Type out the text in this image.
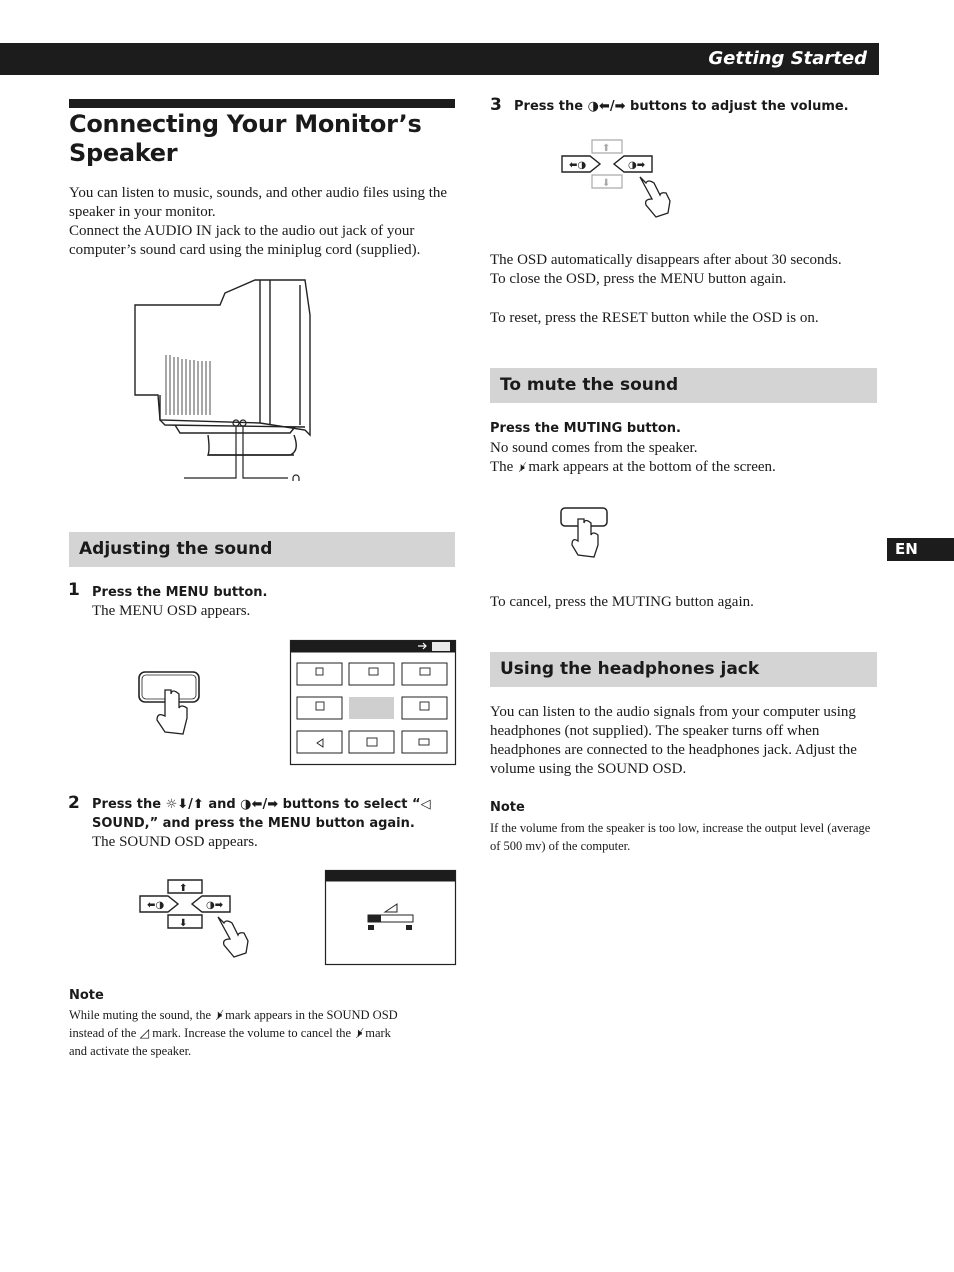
Getting Started
Connecting Your Monitor’s Speaker
You can listen to music, sounds, and other audio files using the speaker in your monitor.
Connect the AUDIO IN jack to the audio out jack of your computer’s sound card using the miniplug cord (supplied).
Adjusting the sound
1 Press the MENU button.
The MENU OSD appears.
2 Press the ☼⬇/⬆ and ◑⬅/➡ buttons to select “◁
SOUND,” and press the MENU button again.
The SOUND OSD appears.
⬆
⬇
⬅◑	◑➡
Note
While muting the sound, the 🕨̸ mark appears in the SOUND OSD
instead of the ◿ mark. Increase the volume to cancel the 🕨̸ mark
and activate the speaker.
3 Press the ◑⬅/➡ buttons to adjust the volume.
⬅◑	◑➡
⬆
⬇
The OSD automatically disappears after about 30 seconds.
To close the OSD, press the MENU button again.
To reset, press the RESET button while the OSD is on.
To mute the sound
Press the MUTING button.
No sound comes from the speaker.
The 🕨̸ mark appears at the bottom of the screen.
To cancel, press the MUTING button again.
Using the headphones jack
You can listen to the audio signals from your computer using headphones (not supplied). The speaker turns off when headphones are connected to the headphones jack. Adjust the volume using the SOUND OSD.
Note
If the volume from the speaker is too low, increase the output level (average of 500 mv) of the computer.
EN
